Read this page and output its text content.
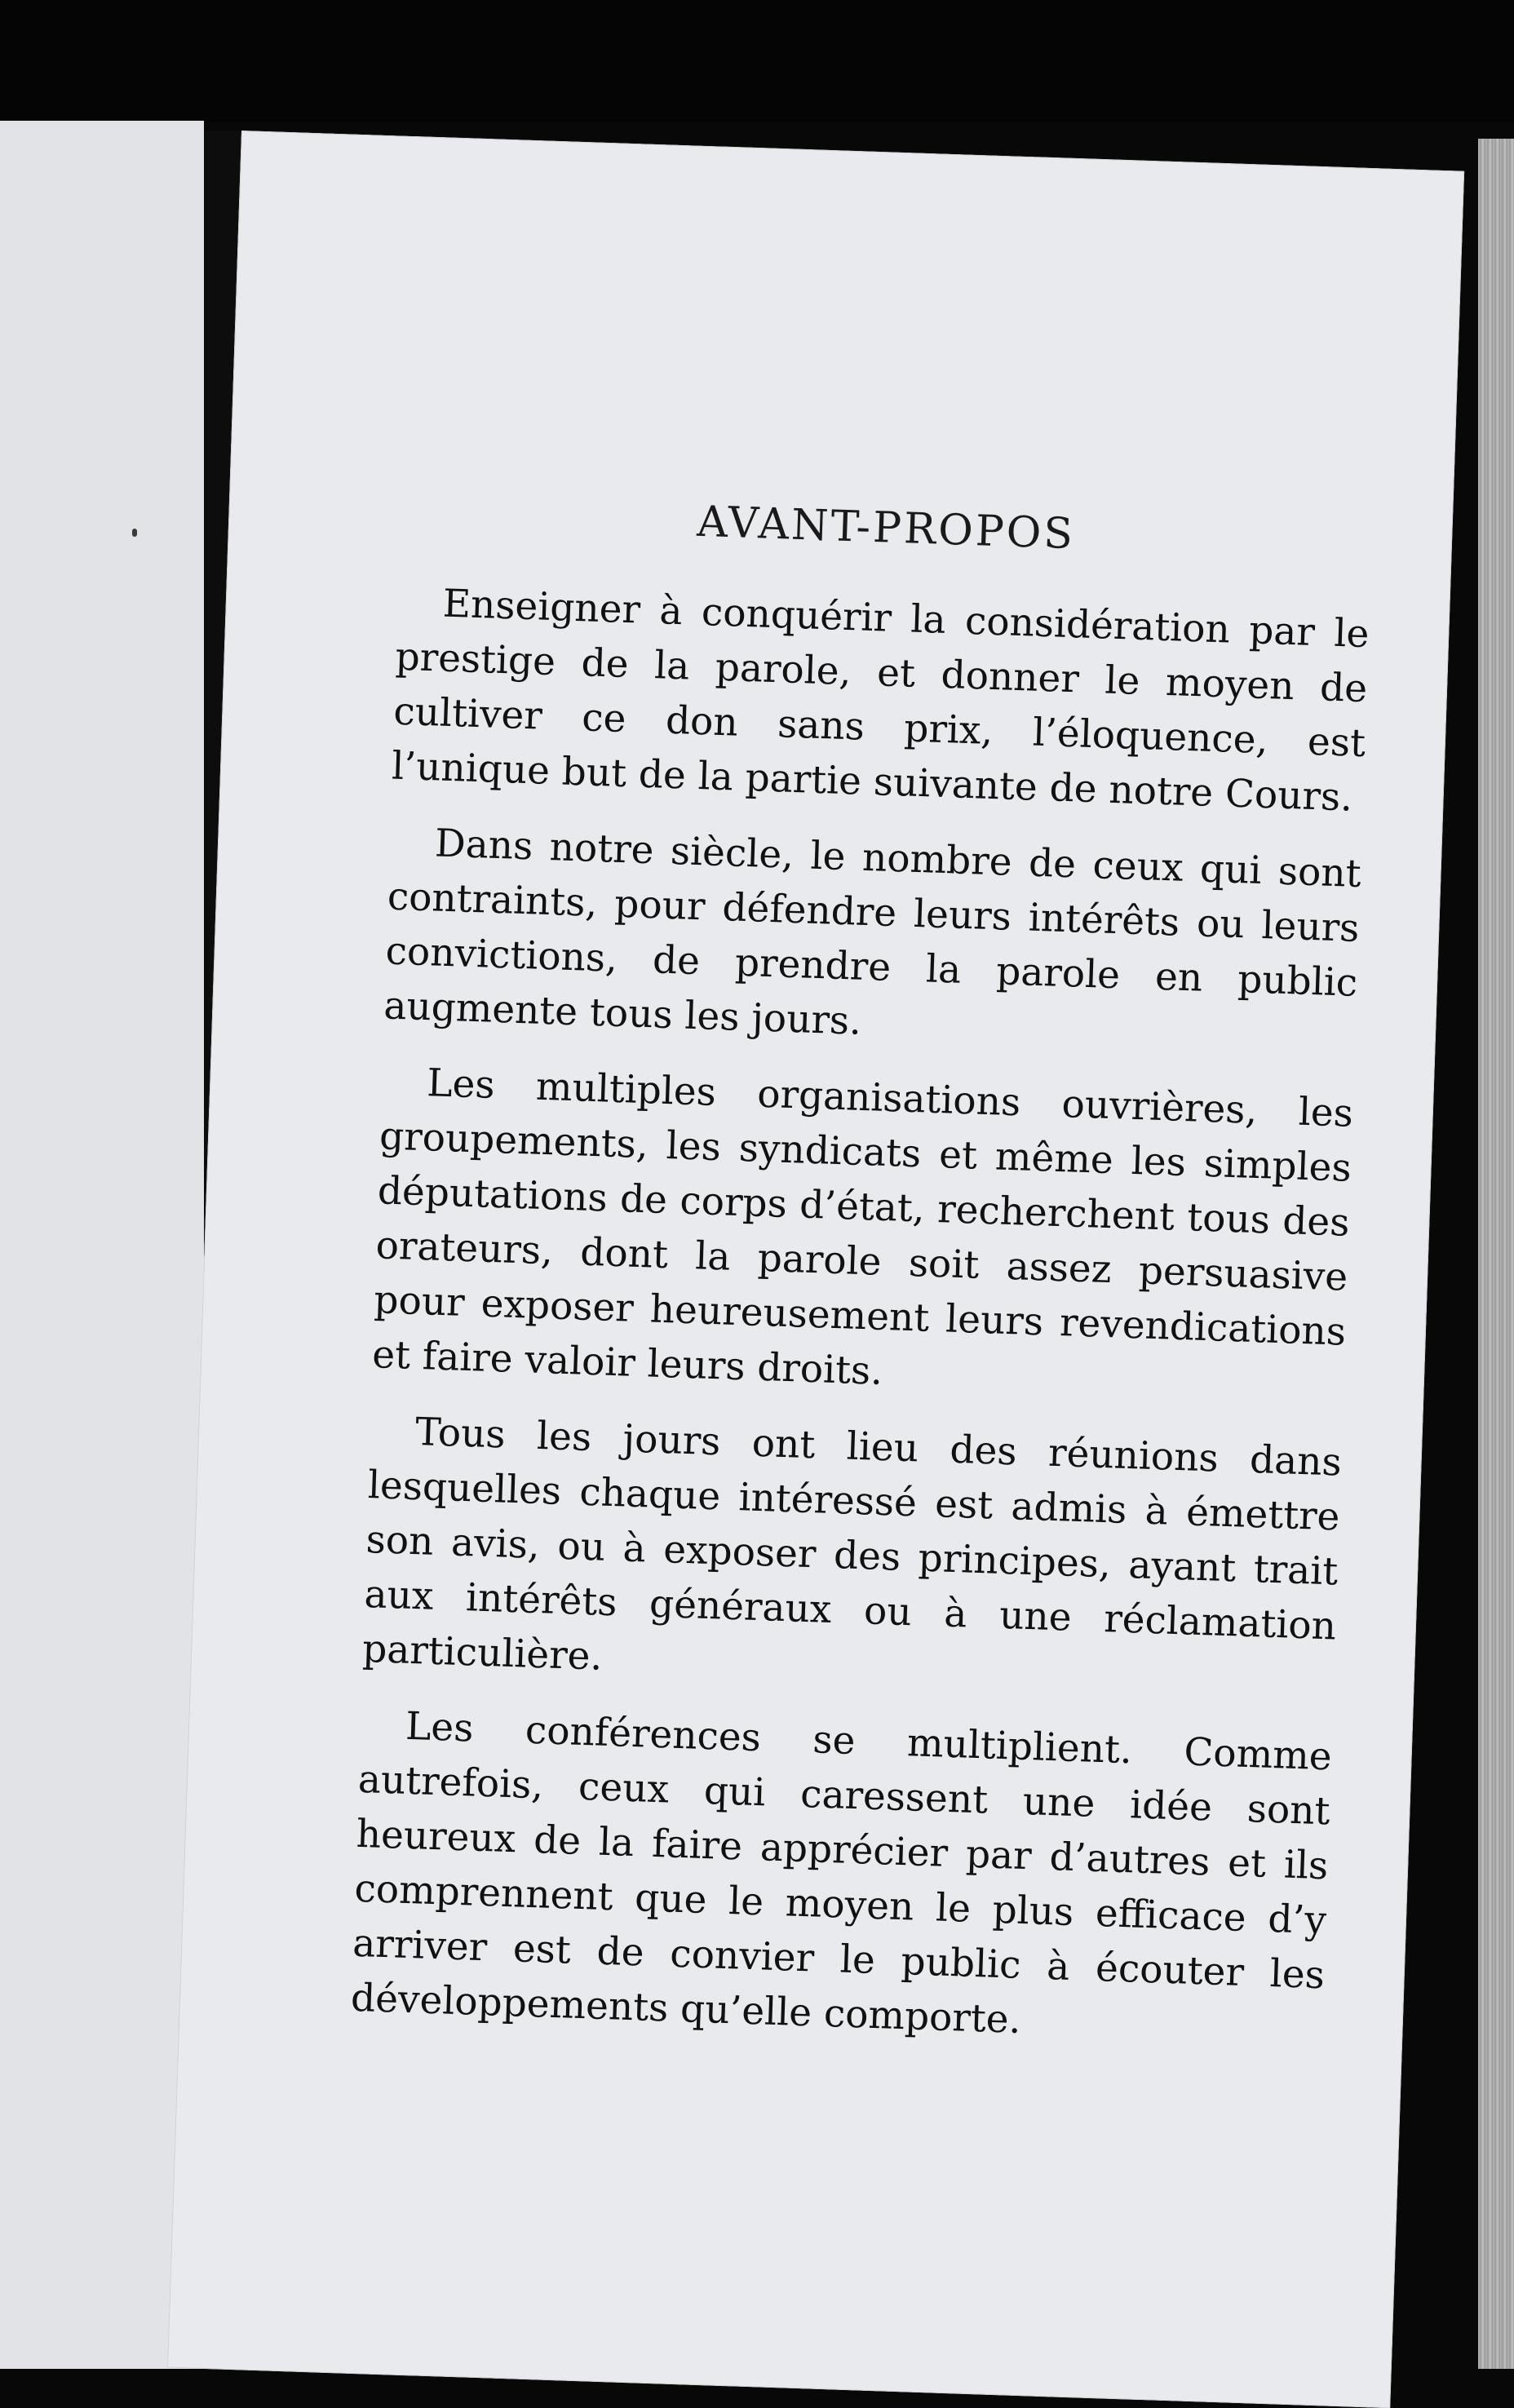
AVANT-PROPOS

Enseigner à conquérir la considération par le prestige de la parole, et donner le moyen de cultiver ce don sans prix, l’éloquence, est l’unique but de la partie suivante de notre Cours.

Dans notre siècle, le nombre de ceux qui sont contraints, pour défendre leurs intérêts ou leurs convictions, de prendre la parole en public augmente tous les jours.

Les multiples organisations ouvrières, les groupements, les syndicats et même les simples députations de corps d’état, recherchent tous des orateurs, dont la parole soit assez persuasive pour exposer heureusement leurs revendications et faire valoir leurs droits.

Tous les jours ont lieu des réunions dans lesquelles chaque intéressé est admis à émettre son avis, ou à exposer des principes, ayant trait aux intérêts généraux ou à une réclamation particulière.

Les conférences se multiplient. Comme autrefois, ceux qui caressent une idée sont heureux de la faire apprécier par d’autres et ils comprennent que le moyen le plus efficace d’y arriver est de convier le public à écouter les développements qu’elle comporte.
